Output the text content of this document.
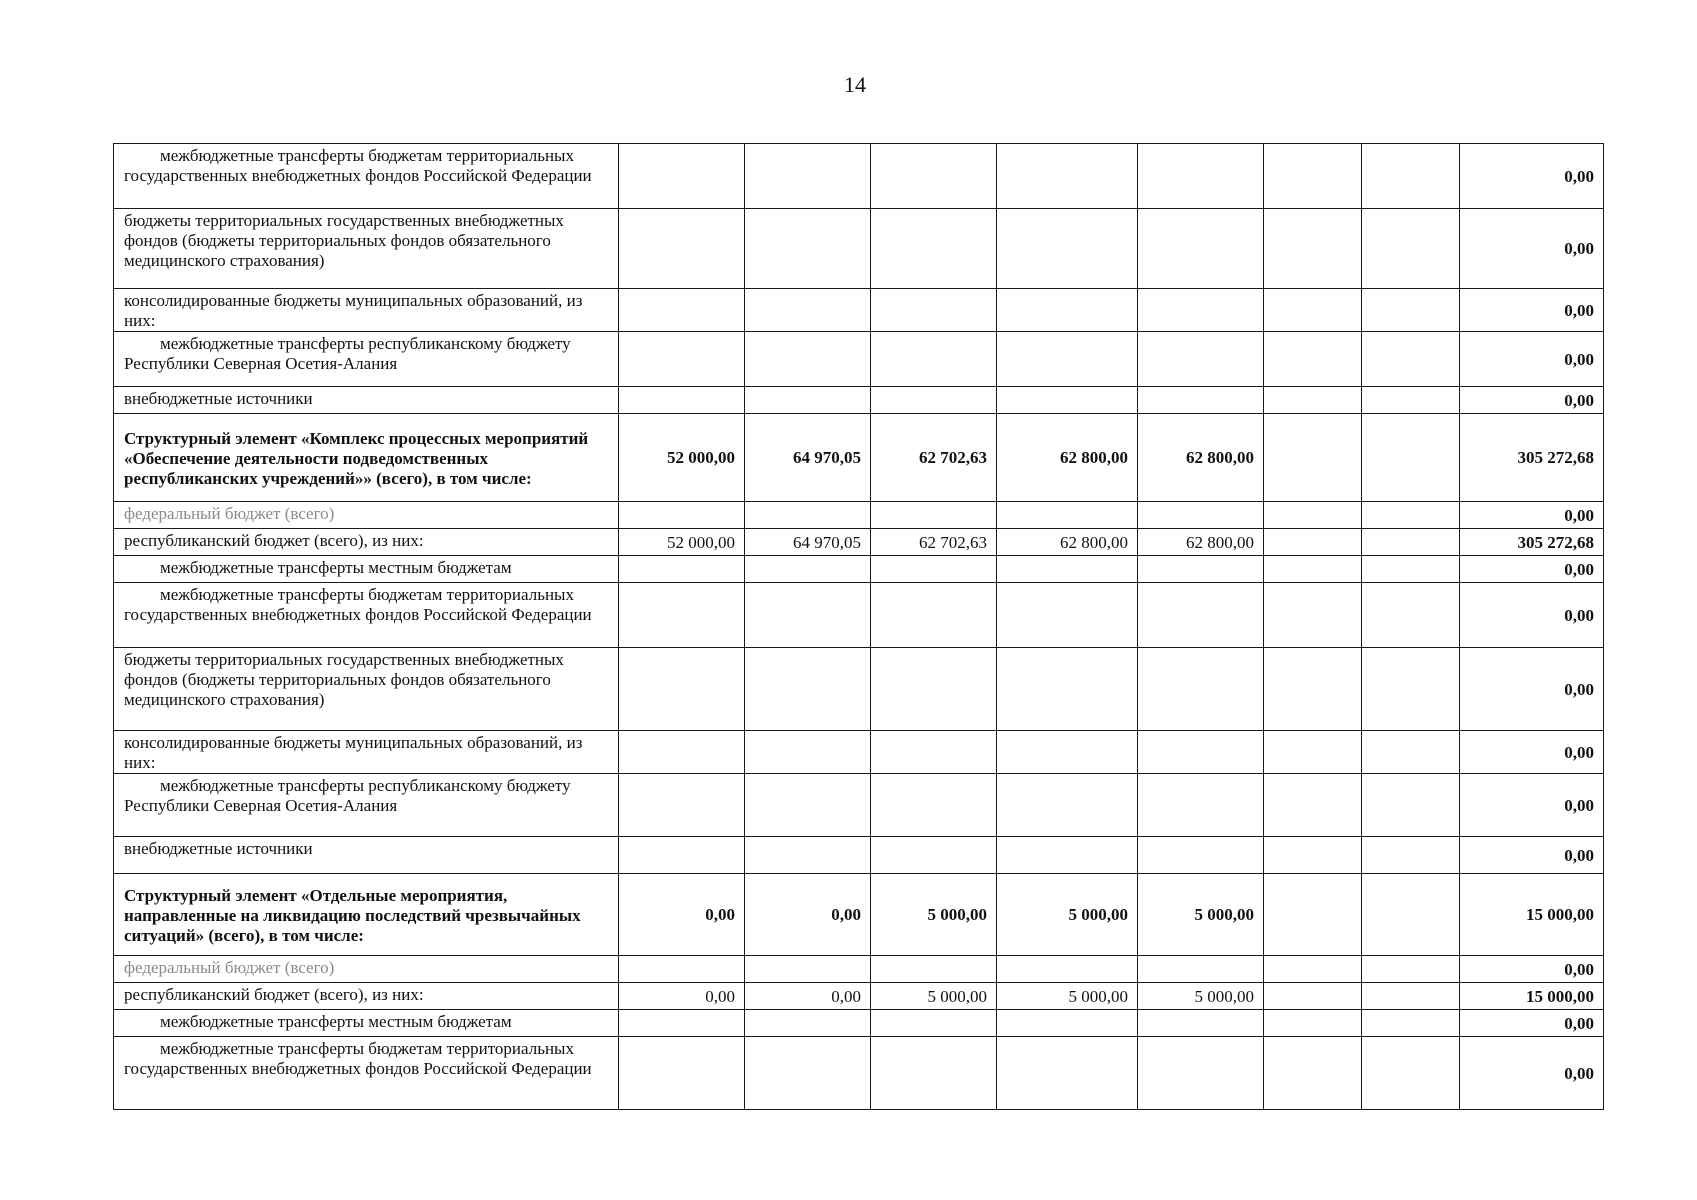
14
межбюджетные трансферты бюджетам территориальных государственных внебюджетных фондов Российской Федерации								0,00
бюджеты территориальных государственных внебюджетных фондов (бюджеты территориальных фондов обязательного медицинского страхования)								0,00
консолидированные бюджеты муниципальных образований, из них:								0,00
межбюджетные трансферты республиканскому бюджету Республики Северная Осетия-Алания								0,00
внебюджетные источники								0,00
Структурный элемент «Комплекс процессных мероприятий «Обеспечение деятельности подведомственных республиканских учреждений»» (всего), в том числе:	52 000,00	64 970,05	62 702,63	62 800,00	62 800,00			305 272,68
федеральный бюджет (всего)								0,00
республиканский бюджет (всего), из них:	52 000,00	64 970,05	62 702,63	62 800,00	62 800,00			305 272,68
межбюджетные трансферты местным бюджетам								0,00
межбюджетные трансферты бюджетам территориальных государственных внебюджетных фондов Российской Федерации								0,00
бюджеты территориальных государственных внебюджетных фондов (бюджеты территориальных фондов обязательного медицинского страхования)								0,00
консолидированные бюджеты муниципальных образований, из них:								0,00
межбюджетные трансферты республиканскому бюджету Республики Северная Осетия-Алания								0,00
внебюджетные источники								0,00
Структурный элемент «Отдельные мероприятия, направленные на ликвидацию последствий чрезвычайных ситуаций» (всего), в том числе:	0,00	0,00	5 000,00	5 000,00	5 000,00			15 000,00
федеральный бюджет (всего)								0,00
республиканский бюджет (всего), из них:	0,00	0,00	5 000,00	5 000,00	5 000,00			15 000,00
межбюджетные трансферты местным бюджетам								0,00
межбюджетные трансферты бюджетам территориальных государственных внебюджетных фондов Российской Федерации								0,00
